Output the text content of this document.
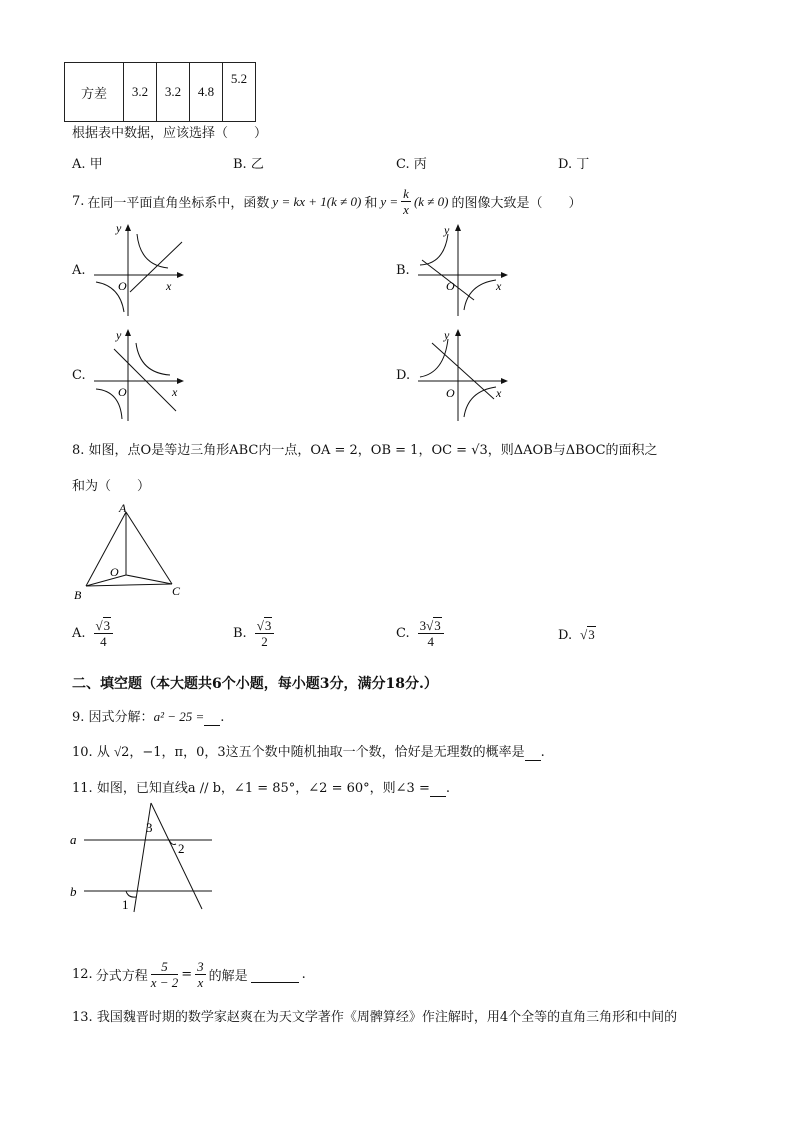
方差	3.2	3.2	4.8	5.2
根据表中数据，应该选择（　　）
A. 甲	B. 乙	C. 丙	D. 丁
7. 在同一平面直角坐标系中，函数 y = kx + 1(k ≠ 0) 和 $y = \frac{k}{x} (k \ne 0)$ 的图像大致是（　　）
A.
y
O	x
B.
y
O	x
C.
y
O	x
D.
y
O	x
8. 如图，点O是等边三角形ABC内一点，OA = 2，OB = 1，OC = √3，则ΔAOB与ΔBOC的面积之
和为（　　）
A
B	C
O
A. $\frac{√3}{4}$	B. $\frac{√3}{2}$	C. $\frac{3√3}{4}$	D. √3
二、填空题（本大题共6个小题，每小题3分，满分18分.）
9. 因式分解：a² − 25 = .
10. 从 √2，−1，π，0，3这五个数中随机抽取一个数，恰好是无理数的概率是 .
11. 如图，已知直线a // b，∠1 = 85°，∠2 = 60°，则∠3 = .
a
b
3
2
1
12. 分式方程 $\frac{5}{x - 2} = \frac{3}{x}$ 的解是
	.
13. 我国魏晋时期的数学家赵爽在为天文学著作《周髀算经》作注解时，用4个全等的直角三角形和中间的
